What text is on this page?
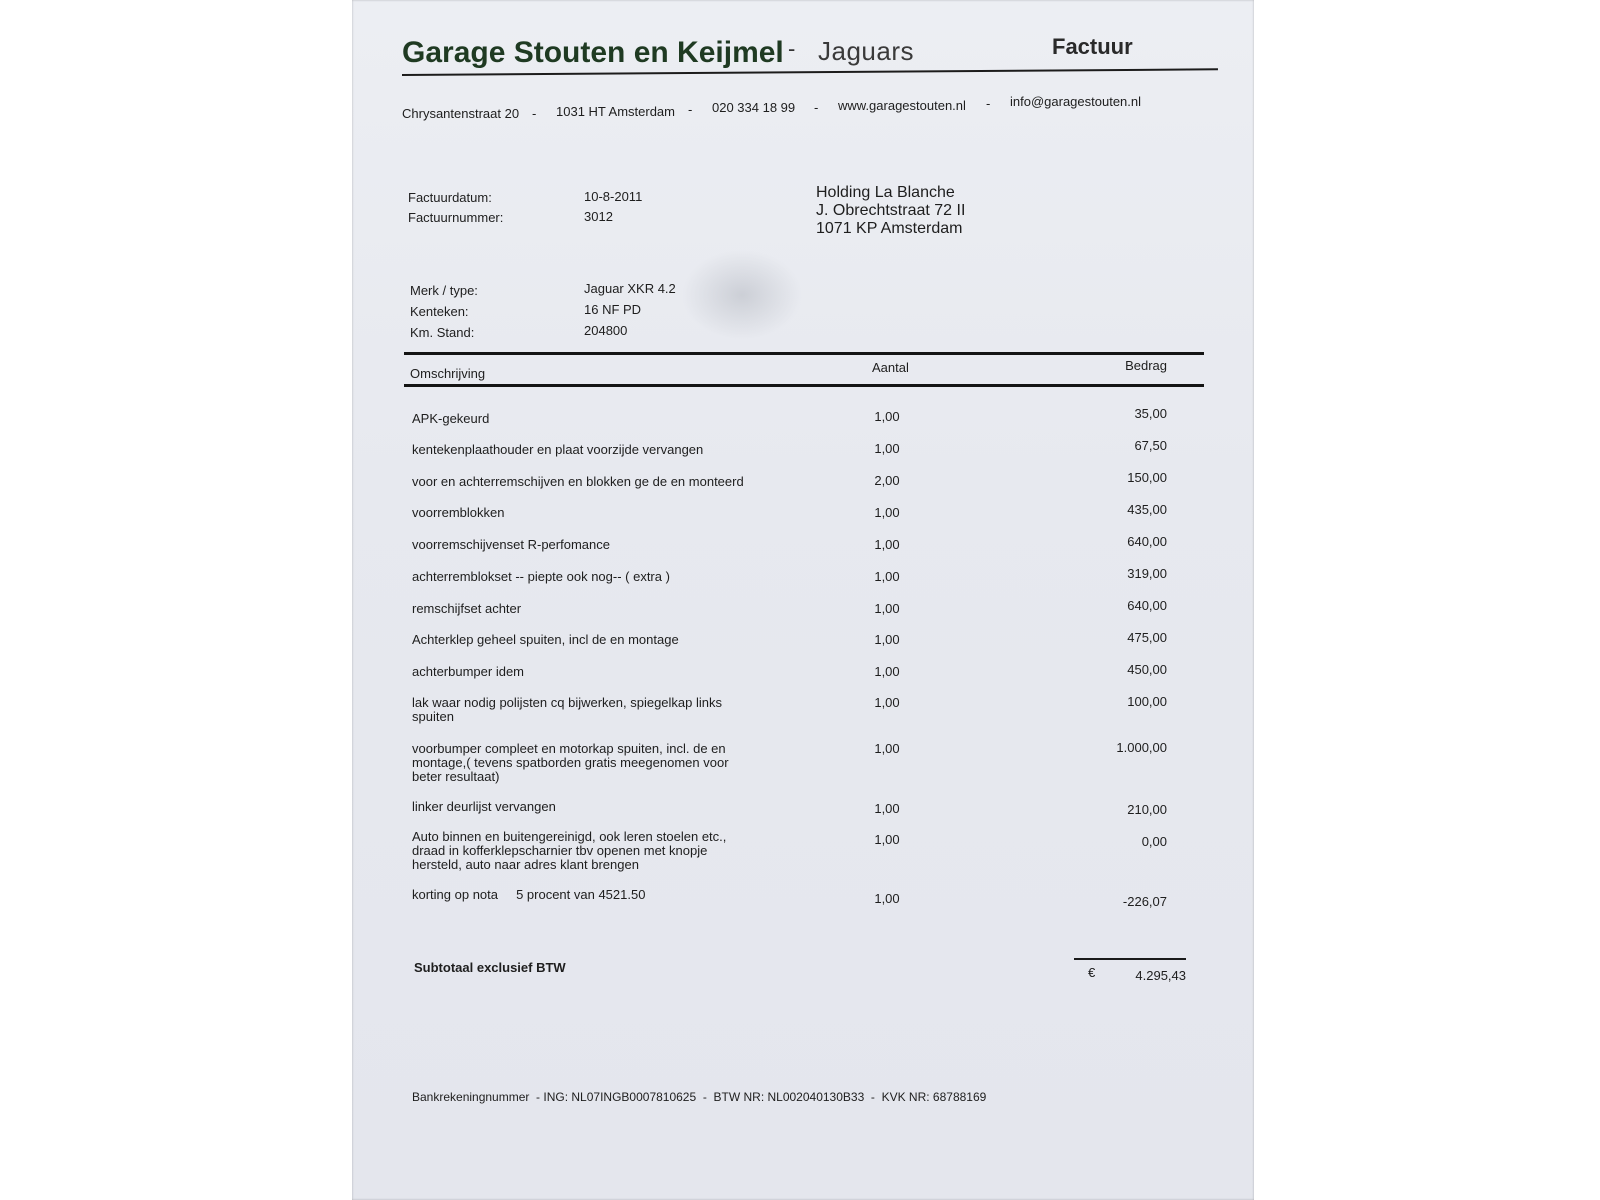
Garage Stouten en Keijmel - Jaguars	Factuur
Chrysantenstraat 20 - 1031 HT Amsterdam - 020 334 18 99 - www.garagestouten.nl - info@garagestouten.nl
Factuurdatum:	10-8-2011
Factuurnummer:	3012
Holding La Blanche
J. Obrechtstraat 72 II
1071 KP Amsterdam
Merk / type:	Jaguar XKR 4.2
Kenteken:	16 NF PD
Km. Stand:	204800
Omschrijving	Aantal	Bedrag
APK-gekeurd	1,00	35,00
kentekenplaathouder en plaat voorzijde vervangen	1,00	67,50
voor en achterremschijven en blokken ge de en monteerd	2,00	150,00
voorremblokken	1,00	435,00
voorremschijvenset R-perfomance	1,00	640,00
achterremblokset -- piepte ook nog-- ( extra )	1,00	319,00
remschijfset achter	1,00	640,00
Achterklep geheel spuiten, incl de en montage	1,00	475,00
achterbumper idem	1,00	450,00
lak waar nodig polijsten cq bijwerken, spiegelkap links spuiten
1,00	100,00
voorbumper compleet en motorkap spuiten, incl. de en montage,( tevens spatborden gratis meegenomen voor beter resultaat)
1,00	1.000,00
linker deurlijst vervangen	1,00	210,00
Auto binnen en buitengereinigd, ook leren stoelen etc., draad in kofferklepscharnier tbv openen met knopje hersteld, auto naar adres klant brengen
1,00	0,00
korting op nota     5 procent van 4521.50	1,00	-226,07
Subtotaal exclusief BTW	€	4.295,43
Bankrekeningnummer  - ING: NL07INGB0007810625  -  BTW NR: NL002040130B33  -  KVK NR: 68788169
